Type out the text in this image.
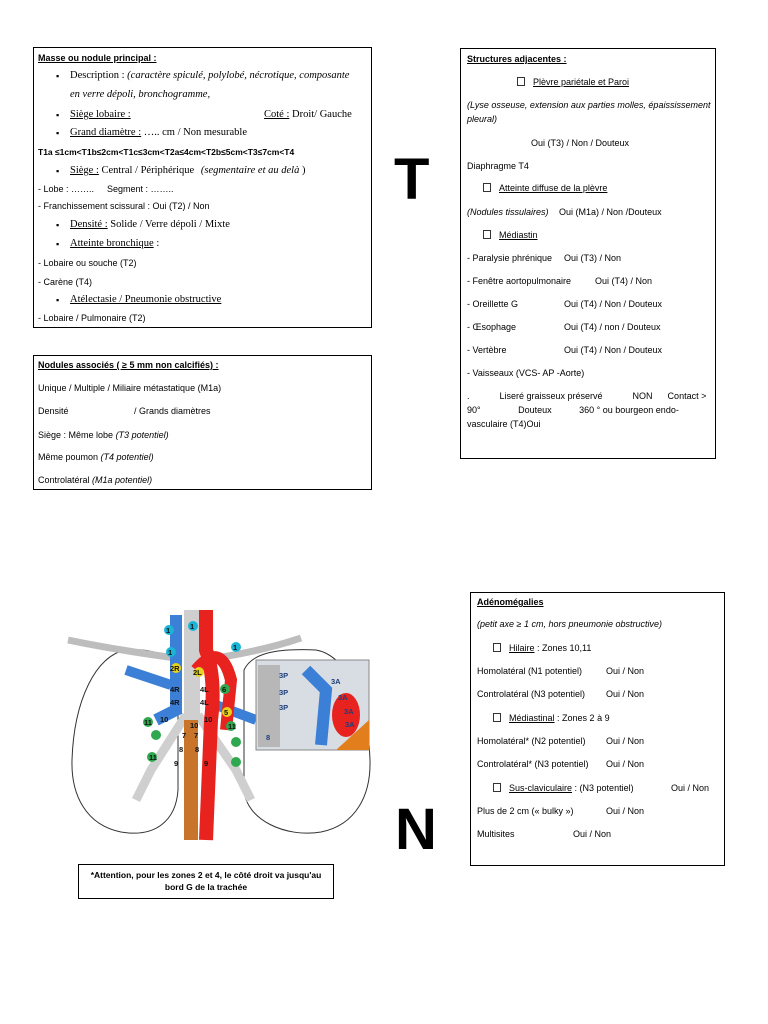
Masse ou nodule principal :
▪ Description : (caractère spiculé, polylobé, nécrotique, composante
en verre dépoli, bronchogramme,
▪ Siège lobaire :	Coté : Droit/ Gauche
▪ Grand diamètre : ….. cm / Non mesurable
T1a ≤1cm<T1b≤2cm<T1c≤3cm<T2a≤4cm<T2b≤5cm<T3≤7cm<T4
▪ Siège : Central / Périphérique (segmentaire et au delà )
- Lobe : …….. Segment : ……..
- Franchissement scissural : Oui (T2) / Non
▪ Densité : Solide / Verre dépoli / Mixte
▪ Atteinte bronchique :
- Lobaire ou souche (T2)
- Carène (T4)
▪ Atélectasie / Pneumonie obstructive
- Lobaire / Pulmonaire (T2)
Nodules associés ( ≥ 5 mm non calcifiés) :
Unique / Multiple / Miliaire métastatique (M1a)
Densité	/ Grands diamètres
Siège : Même lobe (T3 potentiel)
Même poumon (T4 potentiel)
Controlatéral (M1a potentiel)
T
N
Structures adjacentes :
Plèvre pariétale et Paroi
(Lyse osseuse, extension aux parties molles, épaississement
pleural)
Oui (T3) / Non / Douteux
Diaphragme T4
Atteinte diffuse de la plèvre
(Nodules tissulaires) Oui (M1a) / Non /Douteux
Médiastin
- Paralysie phrénique Oui (T3) / Non
- Fenêtre aortopulmonaire	Oui (T4) / Non
- Oreillette G	Oui (T4) / Non / Douteux
- Œsophage	Oui (T4) / non / Douteux
- Vertèbre	Oui (T4) / Non / Douteux
- Vaisseaux (VCS- AP -Aorte)
.            Liseré graisseux préservé            NON      Contact >
90°               Douteux           360 ° ou bourgeon endo-
vasculaire (T4)Oui
Adénomégalies
(petit axe ≥ 1 cm, hors pneumonie obstructive)
Hilaire : Zones 10,11
Homolatéral (N1 potentiel)	Oui / Non
Controlatéral (N3 potentiel) Oui / Non
Médiastinal : Zones 2 à 9
Homolatéral* (N2 potentiel) Oui / Non
Controlatéral* (N3 potentiel) Oui / Non
Sus-claviculaire : (N3 potentiel)	Oui / Non
Plus de 2 cm (« bulky »)	Oui / Non
Multisites	Oui / Non
1	1
1
1
2R 2L
4R
4R
4L
4L
10	10
11	11
6
5
7 7
8 8
9	9
10
11
3P
3P
3P
3A
3A
3A
3A
8
*Attention, pour les zones 2 et 4, le côté droit va jusqu'au
bord G de la trachée
